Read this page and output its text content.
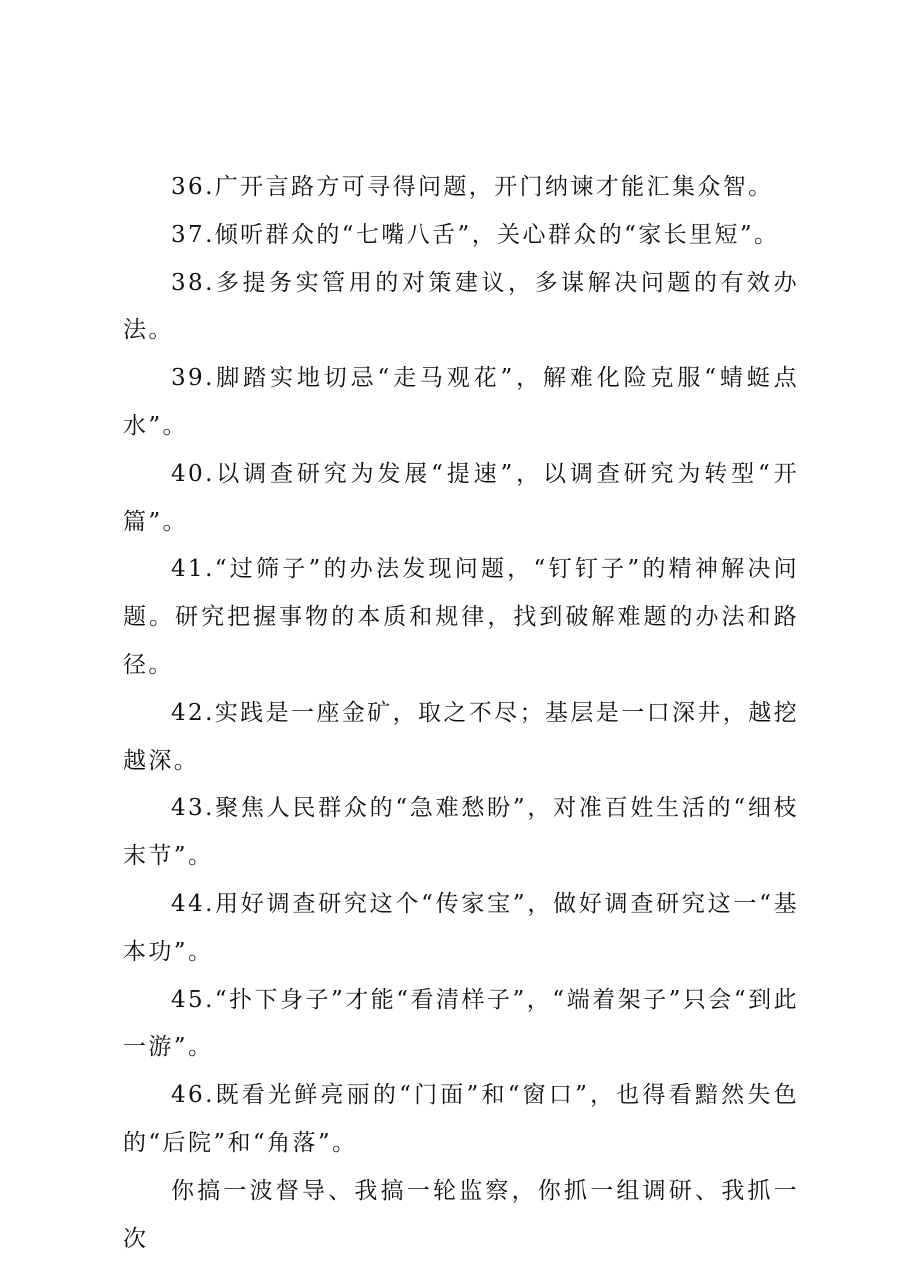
36.广开言路方可寻得问题，开门纳谏才能汇集众智。

37.倾听群众的“七嘴八舌”，关心群众的“家长里短”。

38.多提务实管用的对策建议，多谋解决问题的有效办法。

39.脚踏实地切忌“走马观花”，解难化险克服“蜻蜓点水”。

40.以调查研究为发展“提速”，以调查研究为转型“开篇”。

41.“过筛子”的办法发现问题，“钉钉子”的精神解决问题。研究把握事物的本质和规律，找到破解难题的办法和路径。

42.实践是一座金矿，取之不尽；基层是一口深井，越挖越深。

43.聚焦人民群众的“急难愁盼”，对准百姓生活的“细枝末节”。

44.用好调查研究这个“传家宝”，做好调查研究这一“基本功”。

45.“扑下身子”才能“看清样子”，“端着架子”只会“到此一游”。

46.既看光鲜亮丽的“门面”和“窗口”，也得看黯然失色的“后院”和“角落”。

你搞一波督导、我搞一轮监察，你抓一组调研、我抓一次
